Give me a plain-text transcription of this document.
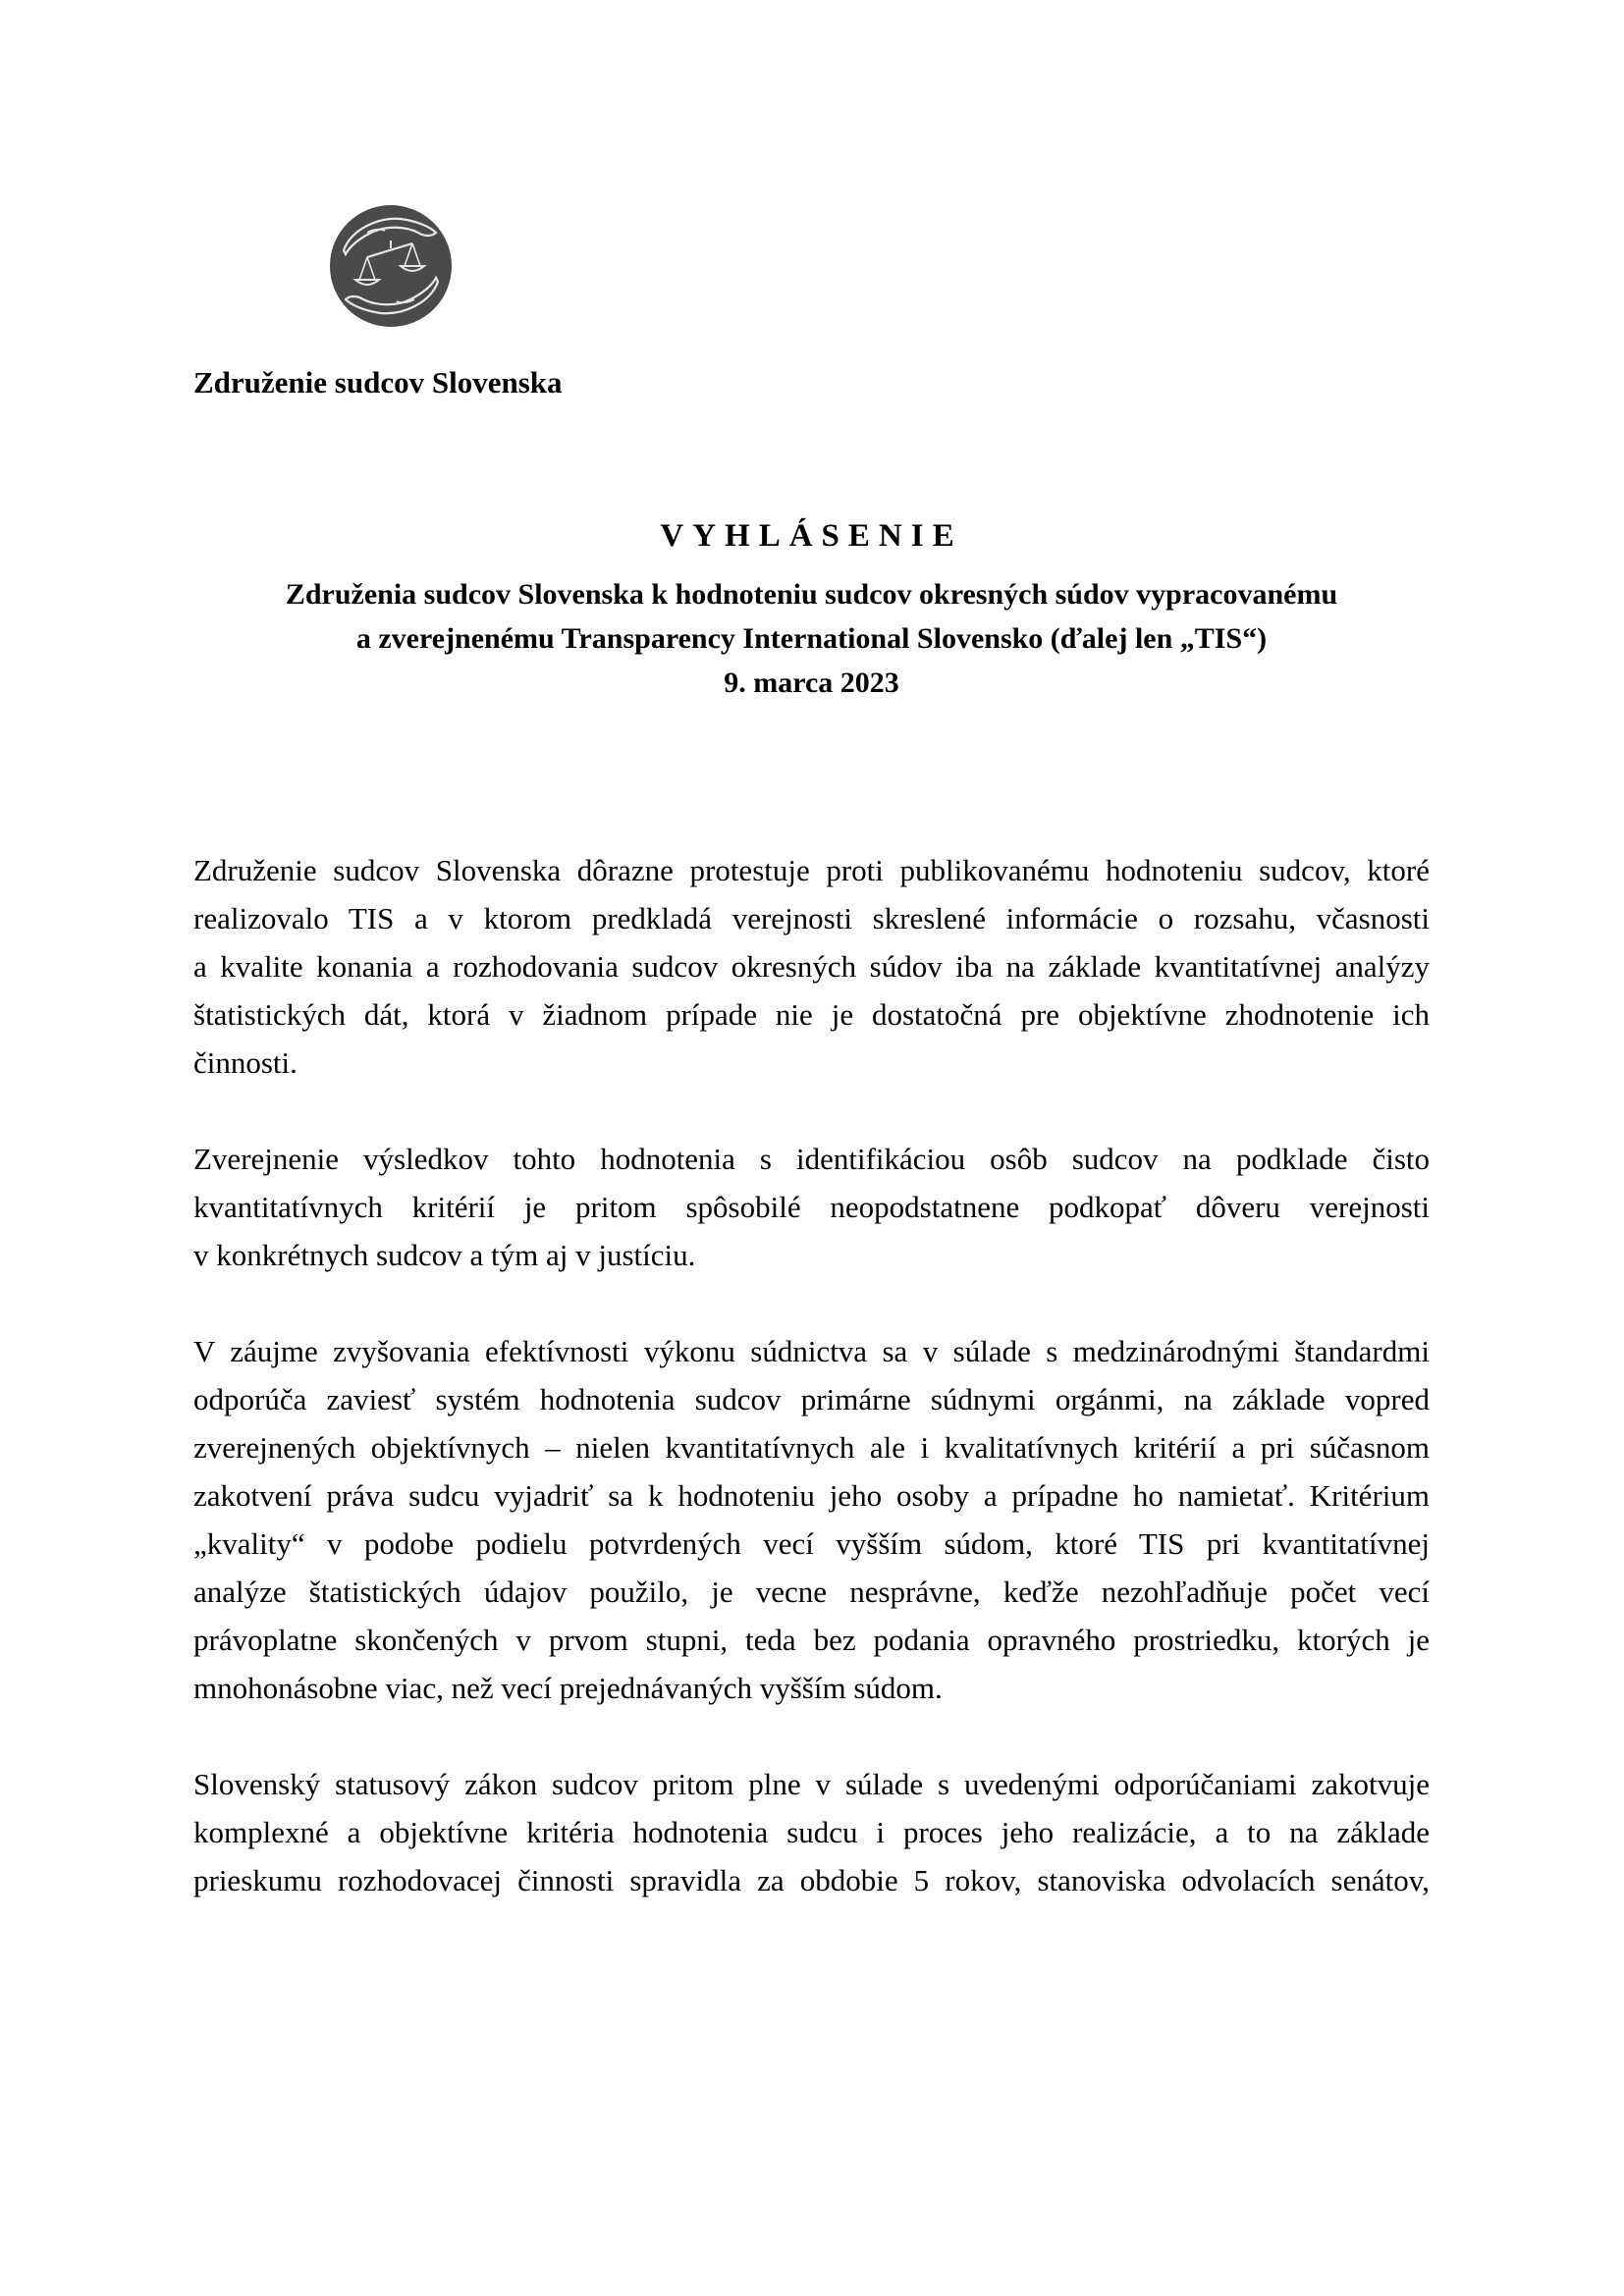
Združenie sudcov Slovenska
VYHLÁSENIE
Združenia sudcov Slovenska k hodnoteniu sudcov okresných súdov vypracovanému
a zverejnenému Transparency International Slovensko (ďalej len „TIS“)
9. marca 2023
Združenie sudcov Slovenska dôrazne protestuje proti publikovanému hodnoteniu sudcov, ktoré
realizovalo TIS a v ktorom predkladá verejnosti skreslené informácie o rozsahu, včasnosti
a kvalite konania a rozhodovania sudcov okresných súdov iba na základe kvantitatívnej analýzy
štatistických dát, ktorá v žiadnom prípade nie je dostatočná pre objektívne zhodnotenie ich
činnosti.
Zverejnenie výsledkov tohto hodnotenia s identifikáciou osôb sudcov na podklade čisto
kvantitatívnych kritérií je pritom spôsobilé neopodstatnene podkopať dôveru verejnosti
v konkrétnych sudcov a tým aj v justíciu.
V záujme zvyšovania efektívnosti výkonu súdnictva sa v súlade s medzinárodnými štandardmi
odporúča zaviesť systém hodnotenia sudcov primárne súdnymi orgánmi, na základe vopred
zverejnených objektívnych – nielen kvantitatívnych ale i kvalitatívnych kritérií a pri súčasnom
zakotvení práva sudcu vyjadriť sa k hodnoteniu jeho osoby a prípadne ho namietať. Kritérium
„kvality“ v podobe podielu potvrdených vecí vyšším súdom, ktoré TIS pri kvantitatívnej
analýze štatistických údajov použilo, je vecne nesprávne, keďže nezohľadňuje počet vecí
právoplatne skončených v prvom stupni, teda bez podania opravného prostriedku, ktorých je
mnohonásobne viac, než vecí prejednávaných vyšším súdom.
Slovenský statusový zákon sudcov pritom plne v súlade s uvedenými odporúčaniami zakotvuje
komplexné a objektívne kritéria hodnotenia sudcu i proces jeho realizácie, a to na základe
prieskumu rozhodovacej činnosti spravidla za obdobie 5 rokov, stanoviska odvolacích senátov,
